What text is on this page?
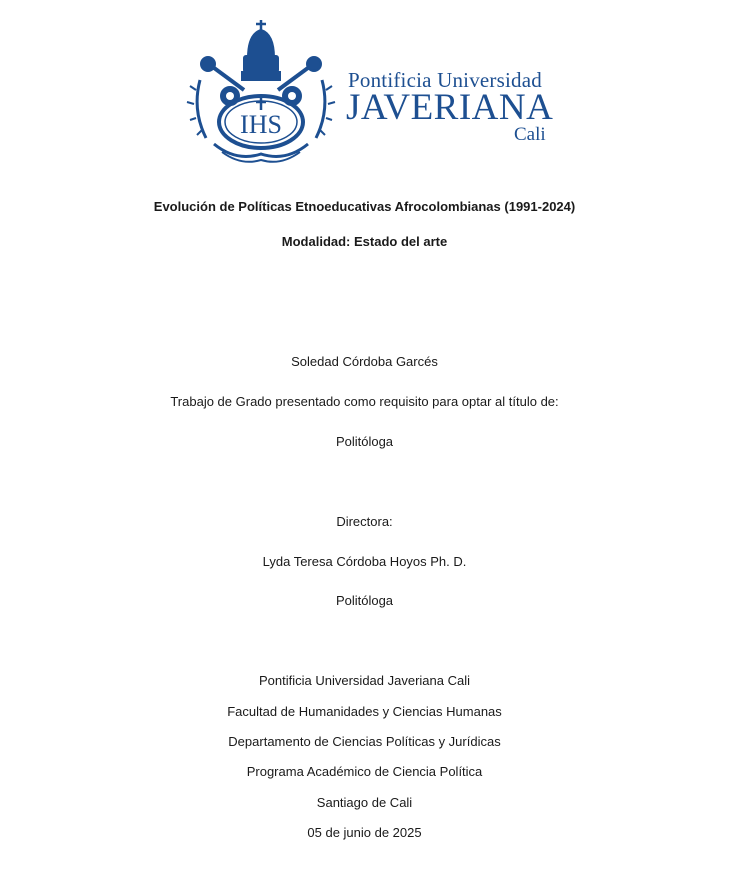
IHS
Pontificia Universidad
JAVERIANA
Cali
Evolución de Políticas Etnoeducativas Afrocolombianas (1991-2024)
Modalidad: Estado del arte
Soledad Córdoba Garcés
Trabajo de Grado presentado como requisito para optar al título de:
Politóloga
Directora:
Lyda Teresa Córdoba Hoyos Ph. D.
Politóloga
Pontificia Universidad Javeriana Cali
Facultad de Humanidades y Ciencias Humanas
Departamento de Ciencias Políticas y Jurídicas
Programa Académico de Ciencia Política
Santiago de Cali
05 de junio de 2025
